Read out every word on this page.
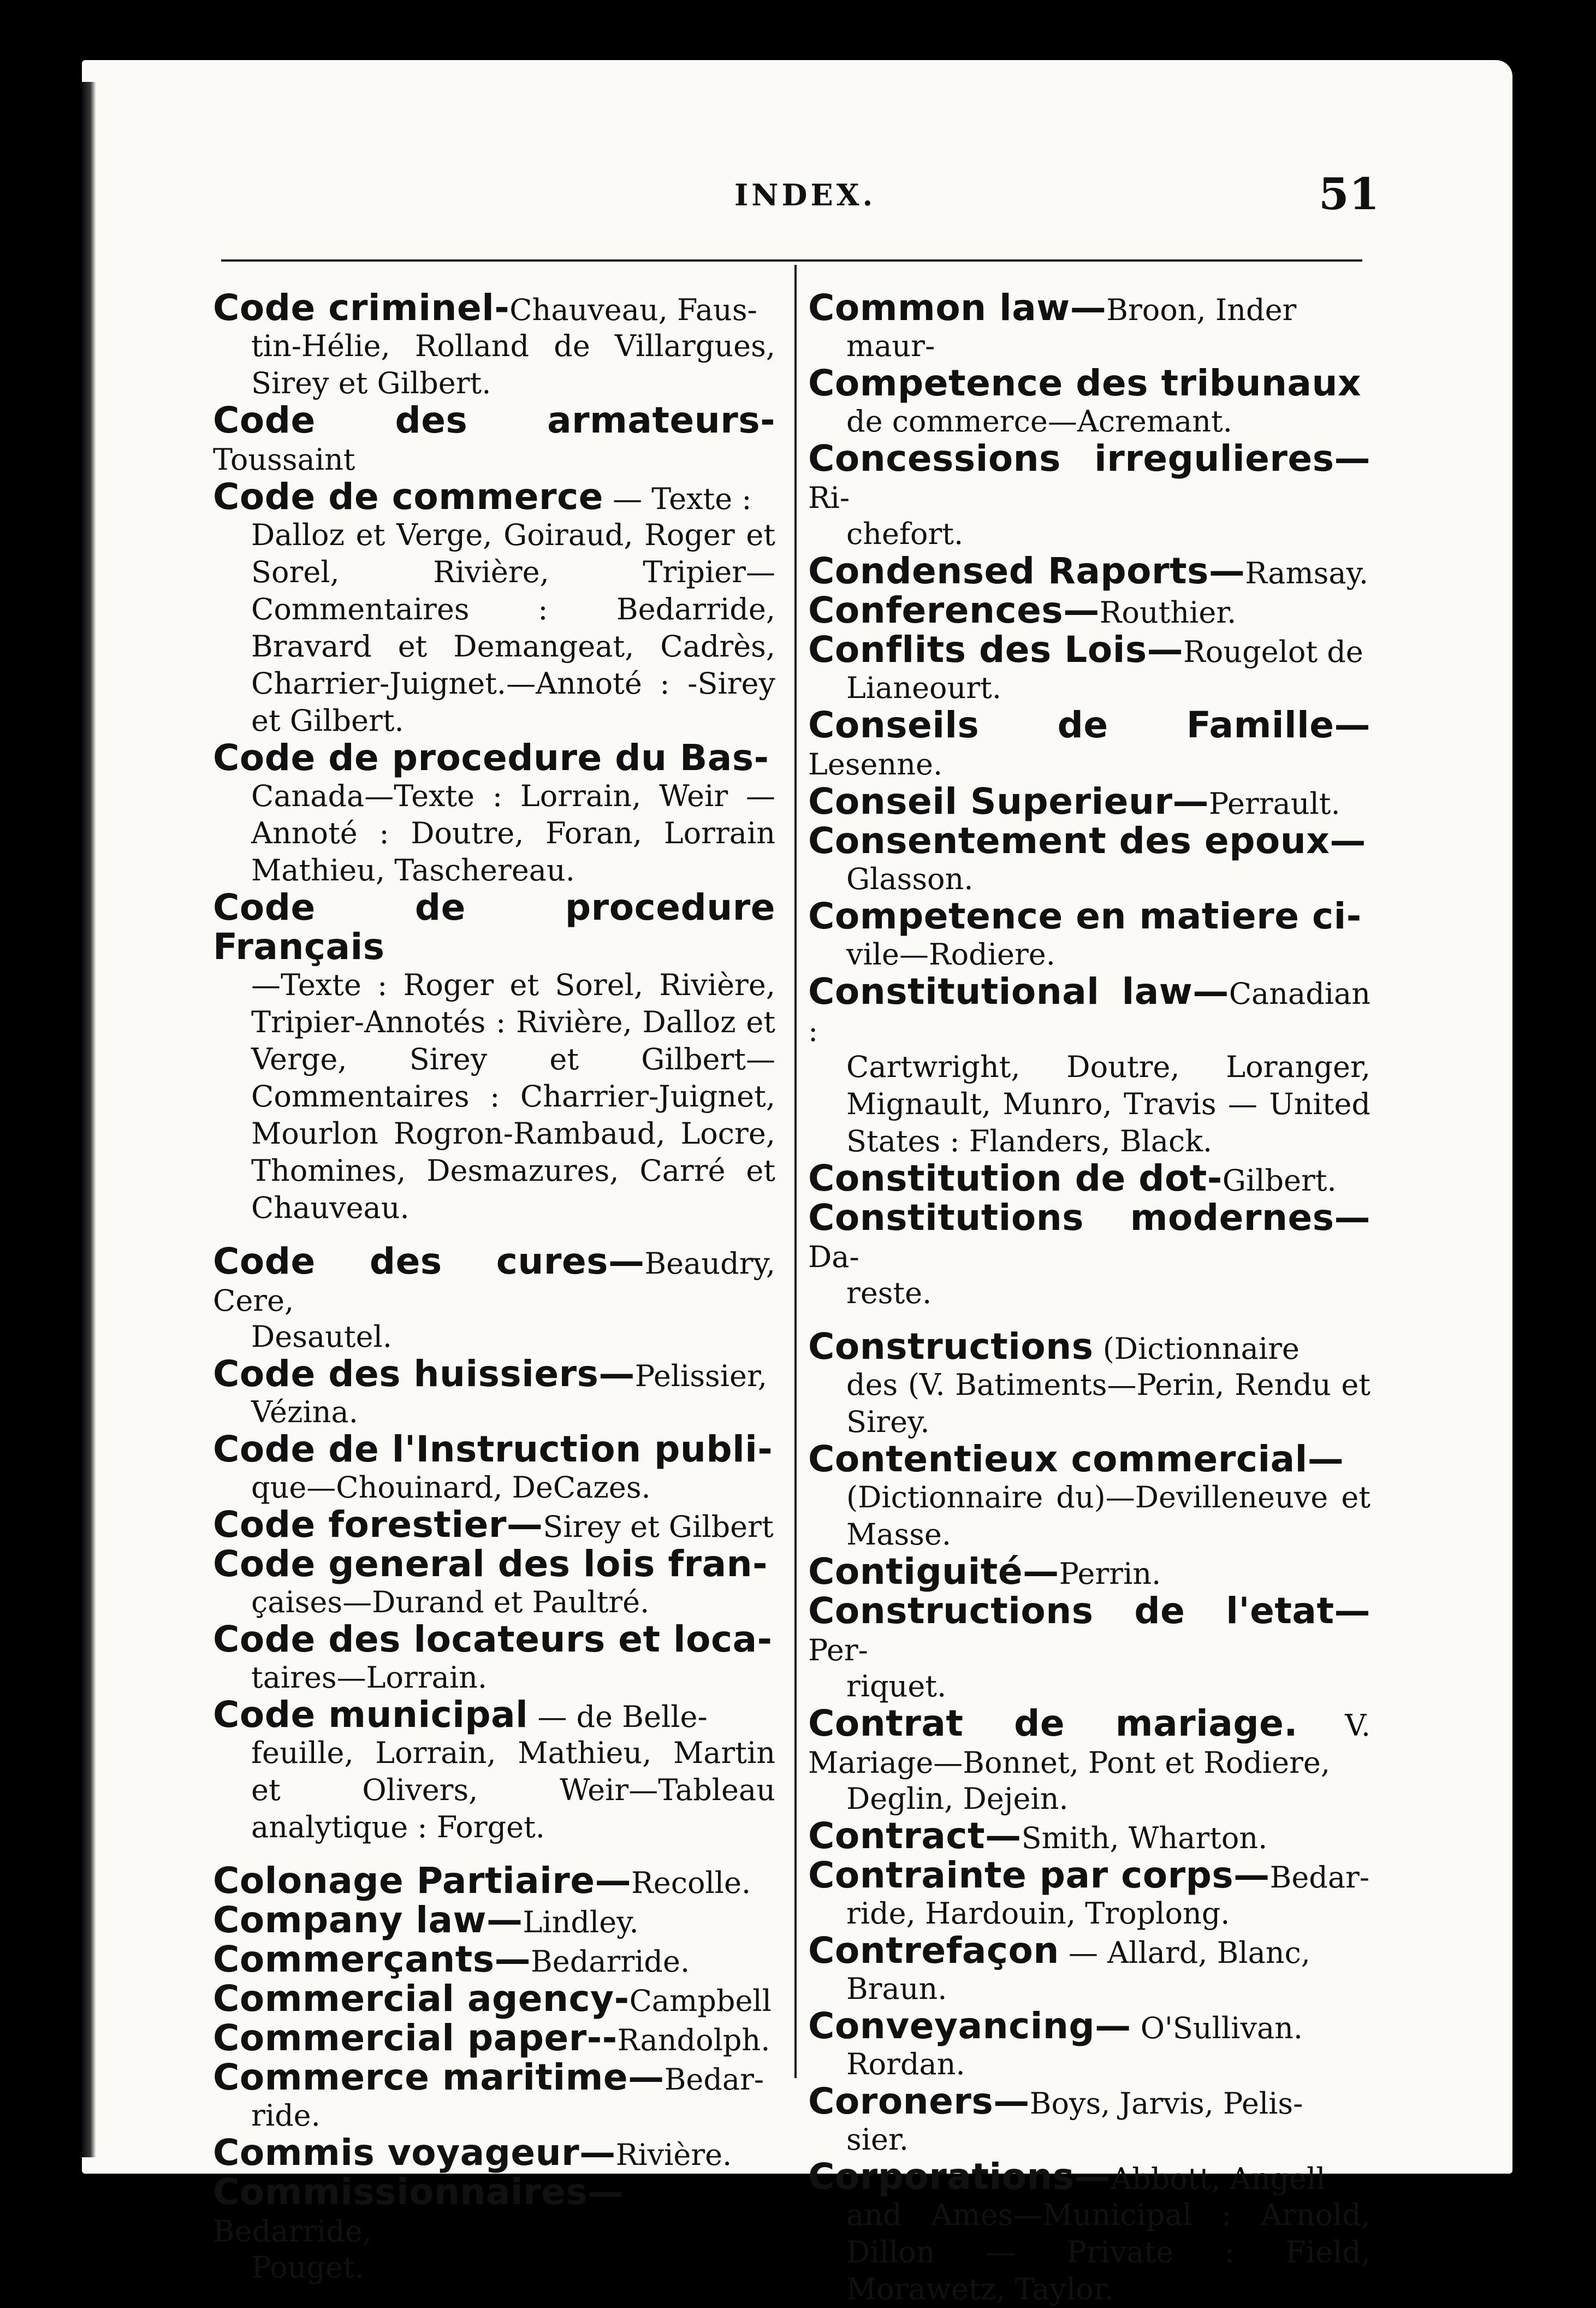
INDEX.	51
Code criminel-Chauveau, Faus-
tin-Hélie, Rolland de Villargues, Sirey et Gilbert.
Code des armateurs-Toussaint
Code de commerce — Texte :
Dalloz et Verge, Goiraud, Roger et Sorel, Rivière, Tripier—Commentaires : Bedarride, Bravard et Demangeat, Cadrès, Charrier-Juignet.—Annoté : -Sirey et Gilbert.
Code de procedure du Bas-
Canada—Texte : Lorrain, Weir —Annoté : Doutre, Foran, Lorrain Mathieu, Taschereau.
Code de procedure Français
—Texte : Roger et Sorel, Rivière, Tripier-Annotés : Rivière, Dalloz et Verge, Sirey et Gilbert—Commentaires : Charrier-Juignet, Mourlon Rogron-Rambaud, Locre, Thomines, Desmazures, Carré et Chauveau.
Code des cures—Beaudry, Cere,
Desautel.
Code des huissiers—Pelissier,
Vézina.
Code de l'Instruction publi-
que—Chouinard, DeCazes.
Code forestier—Sirey et Gilbert
Code general des lois fran-
çaises—Durand et Paultré.
Code des locateurs et loca-
taires—Lorrain.
Code municipal — de Belle-
feuille, Lorrain, Mathieu, Martin et Olivers, Weir—Tableau analytique : Forget.
Colonage Partiaire—Recolle.
Company law—Lindley.
Commerçants—Bedarride.
Commercial agency-Campbell
Commercial paper--Randolph.
Commerce maritime—Bedar-
ride.
Commis voyageur—Rivière.
Commissionnaires—Bedarride,
Pouget.
Common law—Broon, Inder
maur-
Competence des tribunaux
de commerce—Acremant.
Concessions irregulieres—Ri-
chefort.
Condensed Raports—Ramsay.
Conferences—Routhier.
Conflits des Lois—Rougelot de
Lianeourt.
Conseils de Famille—Lesenne.
Conseil Superieur—Perrault.
Consentement des epoux—
Glasson.
Competence en matiere ci-
vile—Rodiere.
Constitutional law—Canadian :
Cartwright, Doutre, Loranger, Mignault, Munro, Travis — United States : Flanders, Black.
Constitution de dot-Gilbert.
Constitutions modernes—Da-
reste.
Constructions (Dictionnaire
des (V. Batiments—Perin, Rendu et Sirey.
Contentieux commercial—
(Dictionnaire du)—Devilleneuve et Masse.
Contiguité—Perrin.
Constructions de l'etat—Per-
riquet.
Contrat de mariage. V. Mariage—Bonnet, Pont et Rodiere,
Deglin, Dejein.
Contract—Smith, Wharton.
Contrainte par corps—Bedar-
ride, Hardouin, Troplong.
Contrefaçon — Allard, Blanc,
Braun.
Conveyancing— O'Sullivan.
Rordan.
Coroners—Boys, Jarvis, Pelis-
sier.
Corporations—Abbott, Angell
and Ames—Municipal : Arnold, Dillon — Private : Field, Morawetz, Taylor.
